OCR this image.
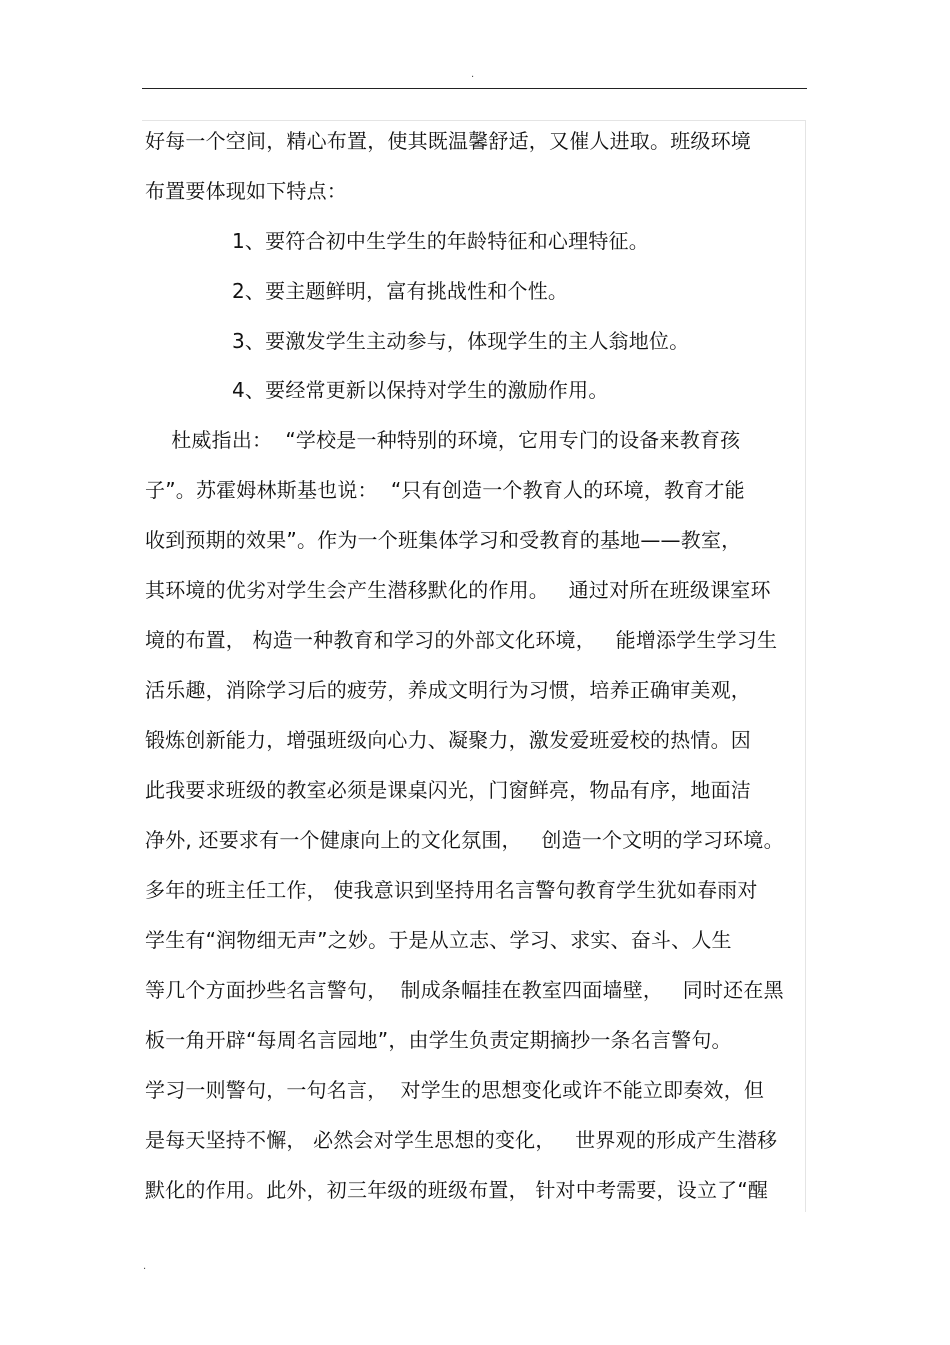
.
好每一个空间，精心布置，使其既温馨舒适，又催人进取。班级环境
布置要体现如下特点：
1、要符合初中生学生的年龄特征和心理特征。
2、要主题鲜明，富有挑战性和个性。
3、要激发学生主动参与，体现学生的主人翁地位。
4、要经常更新以保持对学生的激励作用。
杜威指出：  “学校是一种特别的环境，它用专门的设备来教育孩
子”。苏霍姆林斯基也说：  “只有创造一个教育人的环境，教育才能
收到预期的效果”。作为一个班集体学习和受教育的基地——教室，
其环境的优劣对学生会产生潜移默化的作用。   通过对所在班级课室环
境的布置， 构造一种教育和学习的外部文化环境，   能增添学生学习生
活乐趣，消除学习后的疲劳，养成文明行为习惯，培养正确审美观，
锻炼创新能力，增强班级向心力、凝聚力，激发爱班爱校的热情。因
此我要求班级的教室必须是课桌闪光，门窗鲜亮，物品有序，地面洁
净外, 还要求有一个健康向上的文化氛围，   创造一个文明的学习环境。
多年的班主任工作， 使我意识到坚持用名言警句教育学生犹如春雨对
学生有“润物细无声”之妙。于是从立志、学习、求实、奋斗、人生
等几个方面抄些名言警句，  制成条幅挂在教室四面墙壁，   同时还在黑
板一角开辟“每周名言园地”，由学生负责定期摘抄一条名言警句。
学习一则警句，一句名言，  对学生的思想变化或许不能立即奏效，但
是每天坚持不懈， 必然会对学生思想的变化，   世界观的形成产生潜移
默化的作用。此外，初三年级的班级布置， 针对中考需要，设立了“醒
.
